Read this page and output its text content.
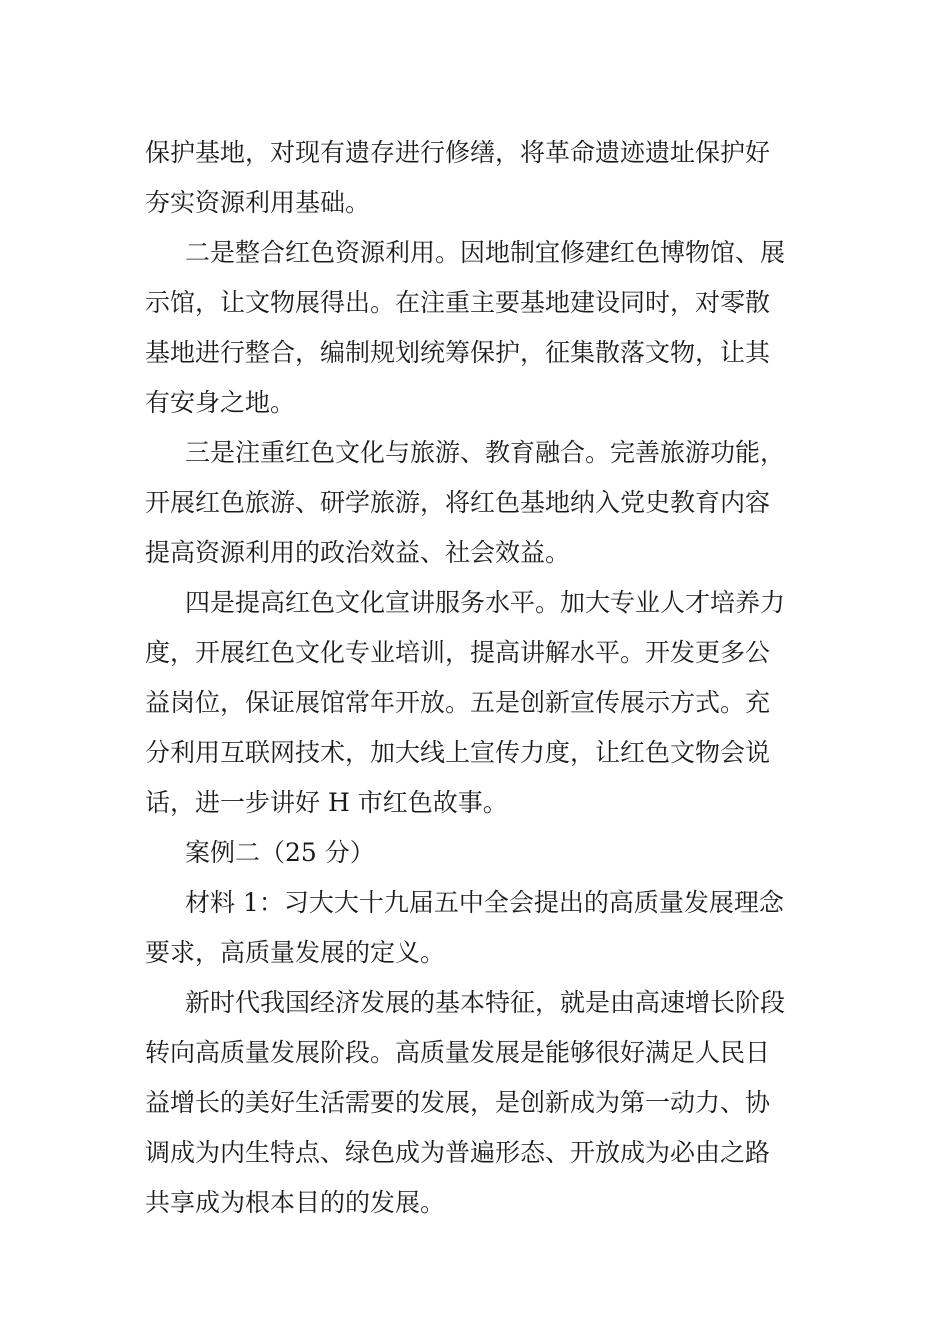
保护基地，对现有遗存进行修缮，将革命遗迹遗址保护好
夯实资源利用基础。
二是整合红色资源利用。因地制宜修建红色博物馆、展
示馆，让文物展得出。在注重主要基地建设同时，对零散
基地进行整合，编制规划统筹保护，征集散落文物，让其
有安身之地。
三是注重红色文化与旅游、教育融合。完善旅游功能，
开展红色旅游、研学旅游，将红色基地纳入党史教育内容
提高资源利用的政治效益、社会效益。
四是提高红色文化宣讲服务水平。加大专业人才培养力
度，开展红色文化专业培训，提高讲解水平。开发更多公
益岗位，保证展馆常年开放。五是创新宣传展示方式。充
分利用互联网技术，加大线上宣传力度，让红色文物会说
话，进一步讲好 H 市红色故事。
案例二（25 分）
材料 1：习大大十九届五中全会提出的高质量发展理念
要求，高质量发展的定义。
新时代我国经济发展的基本特征，就是由高速增长阶段
转向高质量发展阶段。高质量发展是能够很好满足人民日
益增长的美好生活需要的发展，是创新成为第一动力、协
调成为内生特点、绿色成为普遍形态、开放成为必由之路
共享成为根本目的的发展。
